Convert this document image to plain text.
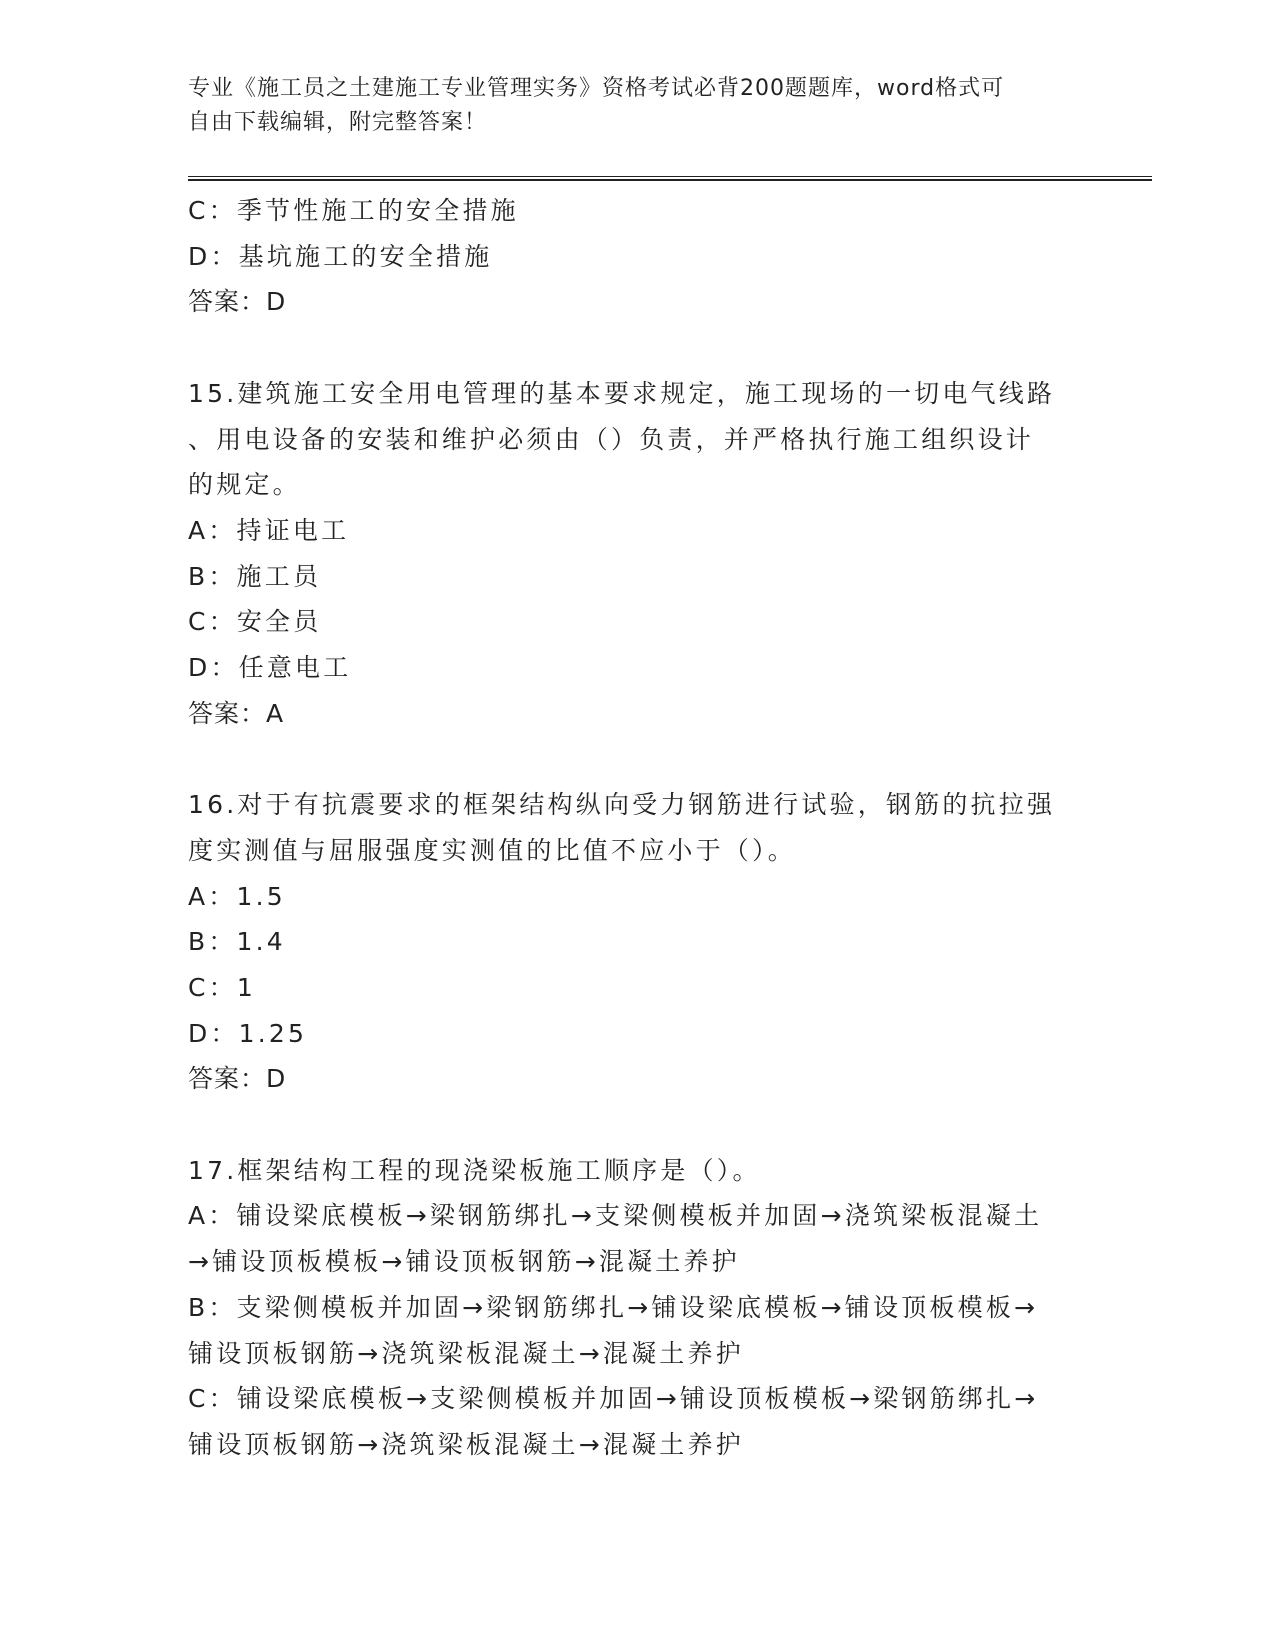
专业《施工员之土建施工专业管理实务》资格考试必背200题题库，word格式可
自由下载编辑，附完整答案！

C：季节性施工的安全措施

D：基坑施工的安全措施

答案：D

15.建筑施工安全用电管理的基本要求规定，施工现场的一切电气线路

、用电设备的安装和维护必须由（）负责，并严格执行施工组织设计

的规定。

A：持证电工

B：施工员

C：安全员

D：任意电工

答案：A

16.对于有抗震要求的框架结构纵向受力钢筋进行试验，钢筋的抗拉强

度实测值与屈服强度实测值的比值不应小于（）。

A：1.5

B：1.4

C：1

D：1.25

答案：D

17.框架结构工程的现浇梁板施工顺序是（）。

A：铺设梁底模板→梁钢筋绑扎→支梁侧模板并加固→浇筑梁板混凝土

→铺设顶板模板→铺设顶板钢筋→混凝土养护

B：支梁侧模板并加固→梁钢筋绑扎→铺设梁底模板→铺设顶板模板→

铺设顶板钢筋→浇筑梁板混凝土→混凝土养护

C：铺设梁底模板→支梁侧模板并加固→铺设顶板模板→梁钢筋绑扎→

铺设顶板钢筋→浇筑梁板混凝土→混凝土养护
